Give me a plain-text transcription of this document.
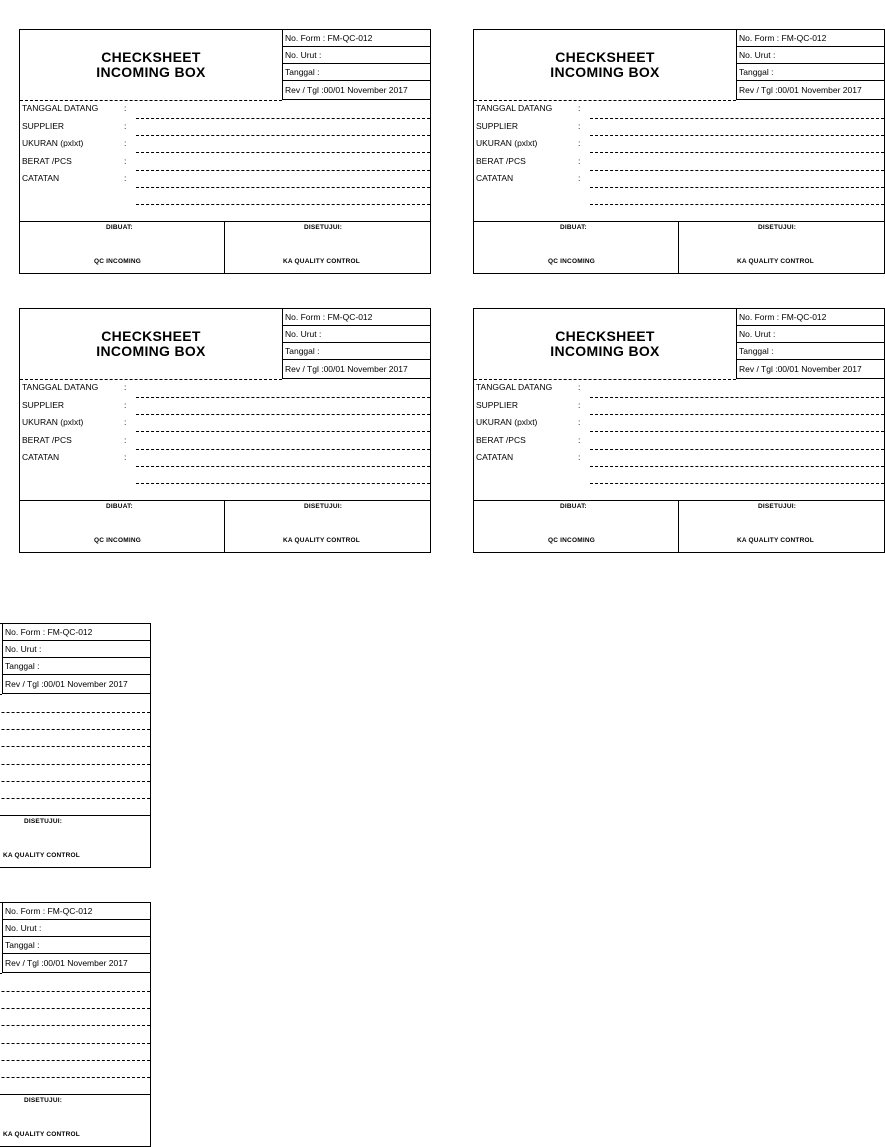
CHECKSHEET
INCOMING BOX
No. Form : FM-QC-012
No. Urut :
Tanggal :
Rev / Tgl :00/01 November 2017
TANGGAL DATANG	:
SUPPLIER	:
UKURAN (pxlxt)	:
BERAT /PCS	:
CATATAN	:
DIBUAT:	DISETUJUI:
QC INCOMING	KA QUALITY CONTROL
CHECKSHEET
INCOMING BOX
No. Form : FM-QC-012
No. Urut :
Tanggal :
Rev / Tgl :00/01 November 2017
TANGGAL DATANG	:
SUPPLIER	:
UKURAN (pxlxt)	:
BERAT /PCS	:
CATATAN	:
DIBUAT:	DISETUJUI:
QC INCOMING	KA QUALITY CONTROL
CHECKSHEET
INCOMING BOX
No. Form : FM-QC-012
No. Urut :
Tanggal :
Rev / Tgl :00/01 November 2017
TANGGAL DATANG	:
SUPPLIER	:
UKURAN (pxlxt)	:
BERAT /PCS	:
CATATAN	:
DIBUAT:	DISETUJUI:
QC INCOMING	KA QUALITY CONTROL
CHECKSHEET
INCOMING BOX
No. Form : FM-QC-012
No. Urut :
Tanggal :
Rev / Tgl :00/01 November 2017
TANGGAL DATANG	:
SUPPLIER	:
UKURAN (pxlxt)	:
BERAT /PCS	:
CATATAN	:
DIBUAT:	DISETUJUI:
QC INCOMING	KA QUALITY CONTROL
No. Form : FM-QC-012
No. Urut :
Tanggal :
Rev / Tgl :00/01 November 2017
DISETUJUI:
KA QUALITY CONTROL
No. Form : FM-QC-012
No. Urut :
Tanggal :
Rev / Tgl :00/01 November 2017
DISETUJUI:
KA QUALITY CONTROL
